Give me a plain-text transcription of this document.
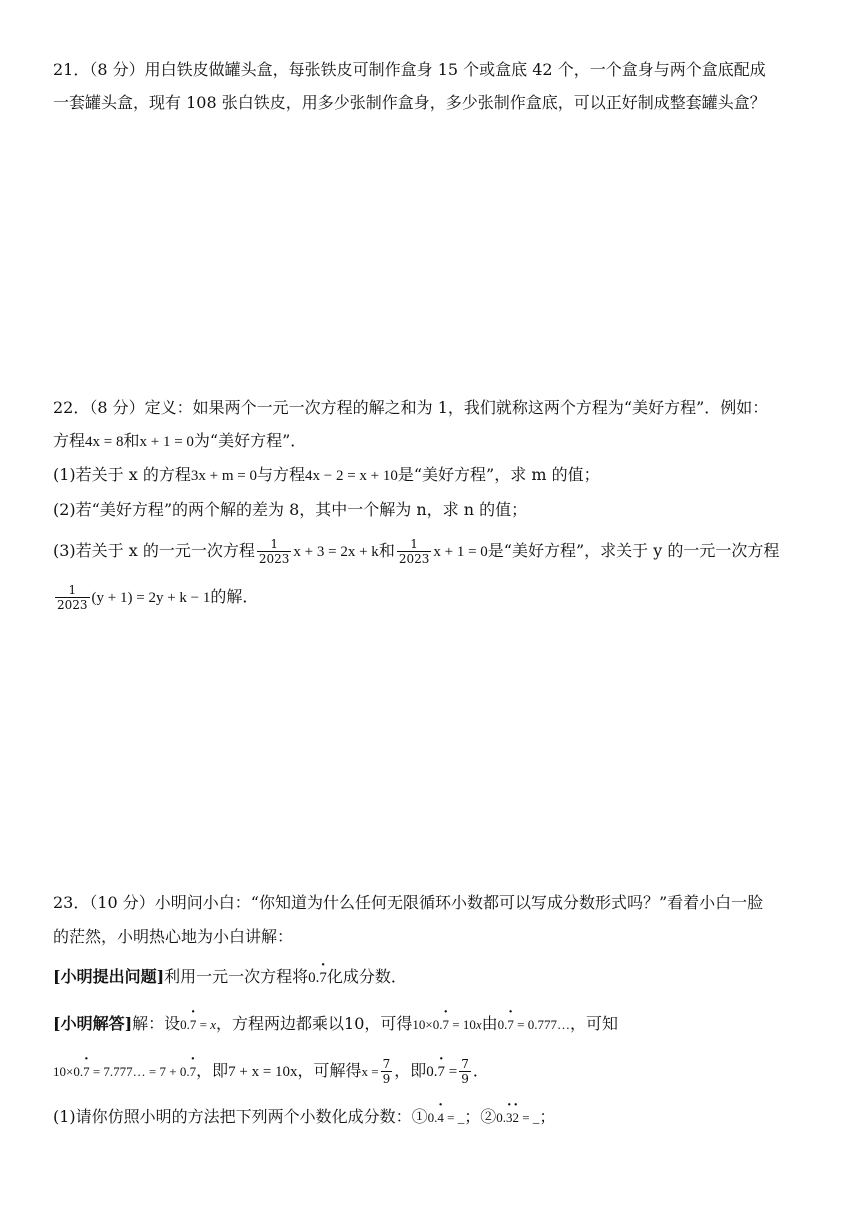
21．（8 分）用白铁皮做罐头盒，每张铁皮可制作盒身 15 个或盒底 42 个，一个盒身与两个盒底配成
一套罐头盒，现有 108 张白铁皮，用多少张制作盒身，多少张制作盒底，可以正好制成整套罐头盒？
22．（8 分）定义：如果两个一元一次方程的解之和为 1，我们就称这两个方程为“美好方程”．例如：
方程4x = 8和x + 1 = 0为“美好方程”．
(1)若关于 x 的方程3x + m = 0与方程4x − 2 = x + 10是“美好方程”，求 m 的值；
(2)若“美好方程”的两个解的差为 8，其中一个解为 n，求 n 的值；
(3)若关于 x 的一元一次方程 $\frac{1}{2023}$ x + 3 = 2x + k和 $\frac{1}{2023}$ x + 1 = 0是“美好方程”，求关于 y 的一元一次方程
$\frac{1}{2023} (y + 1) = 2y + k - 1$的解．
23．（10 分）小明问小白：“你知道为什么任何无限循环小数都可以写成分数形式吗？”看着小白一脸
的茫然，小明热心地为小白讲解：
[小明提出问题]利用一元一次方程将0.7 ·化成分数．
[小明解答]解：设0.7 · = x，方程两边都乘以10，可得10×0.7 · = 10x由0.7 · = 0.777…，可知
10×0.7 · = 7.777… = 7 + 0.7 ·，即7 + x = 10x，可解得$x = \frac{7}{9}$ ，即0.7 · = $\frac{7}{9}$ ．
(1)请你仿照小明的方法把下列两个小数化成分数：①0.4 · = _；②0.3 ·2 · = _；
